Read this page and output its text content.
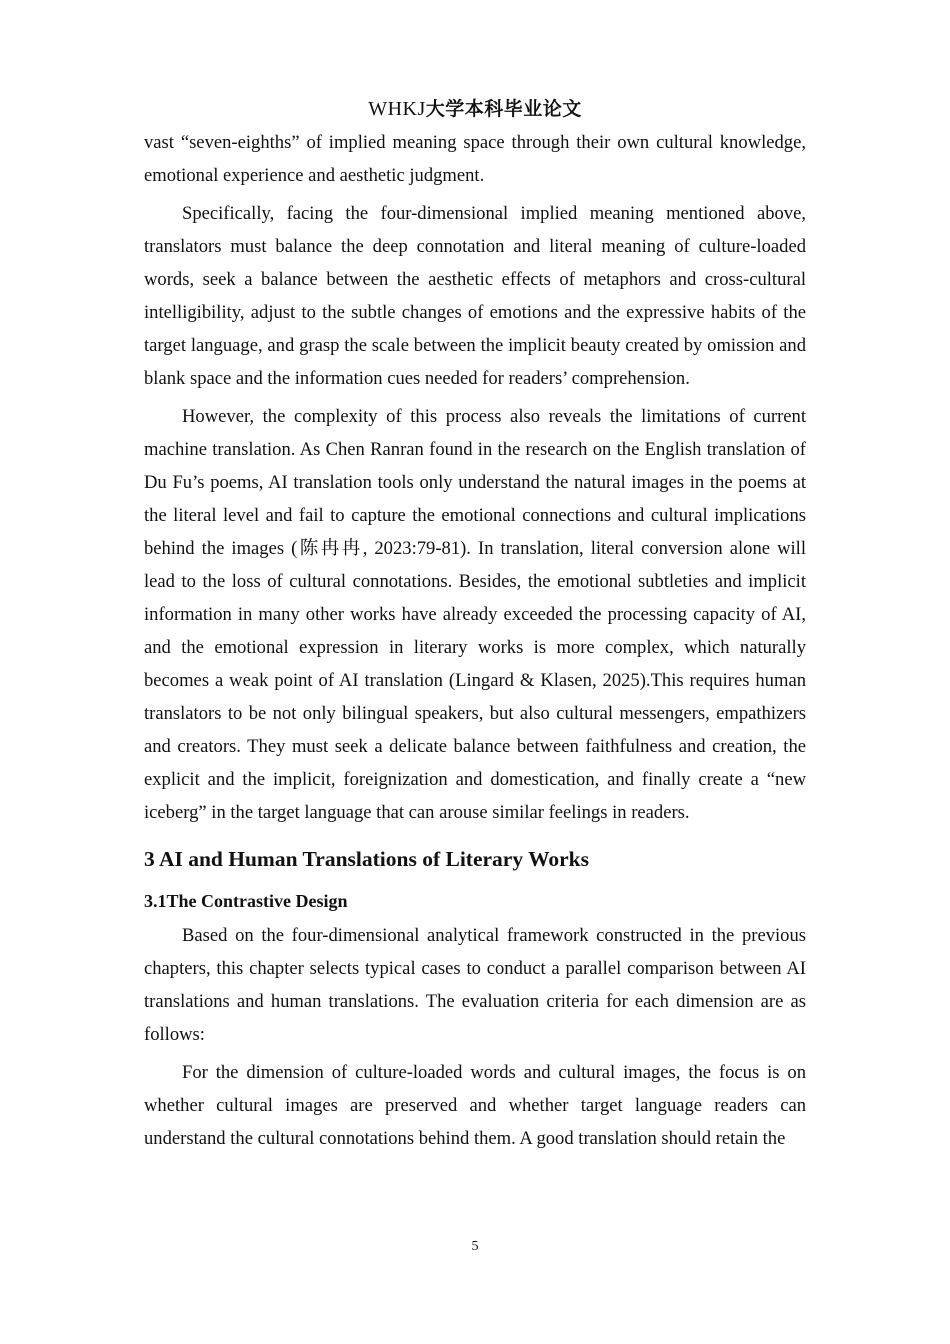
WHKJ大学本科毕业论文

vast “seven-eighths” of implied meaning space through their own cultural knowledge, emotional experience and aesthetic judgment.

Specifically, facing the four-dimensional implied meaning mentioned above, translators must balance the deep connotation and literal meaning of culture-loaded words, seek a balance between the aesthetic effects of metaphors and cross-cultural intelligibility, adjust to the subtle changes of emotions and the expressive habits of the target language, and grasp the scale between the implicit beauty created by omission and blank space and the information cues needed for readers’ comprehension.

However, the complexity of this process also reveals the limitations of current machine translation. As Chen Ranran found in the research on the English translation of Du Fu’s poems, AI translation tools only understand the natural images in the poems at the literal level and fail to capture the emotional connections and cultural implications behind the images (陈冉冉, 2023:79-81). In translation, literal conversion alone will lead to the loss of cultural connotations. Besides, the emotional subtleties and implicit information in many other works have already exceeded the processing capacity of AI, and the emotional expression in literary works is more complex, which naturally becomes a weak point of AI translation (Lingard & Klasen, 2025).This requires human translators to be not only bilingual speakers, but also cultural messengers, empathizers and creators. They must seek a delicate balance between faithfulness and creation, the explicit and the implicit, foreignization and domestication, and finally create a “new iceberg” in the target language that can arouse similar feelings in readers.

3 AI and Human Translations of Literary Works
3.1The Contrastive Design

Based on the four-dimensional analytical framework constructed in the previous chapters, this chapter selects typical cases to conduct a parallel comparison between AI translations and human translations. The evaluation criteria for each dimension are as follows:

For the dimension of culture-loaded words and cultural images, the focus is on whether cultural images are preserved and whether target language readers can understand the cultural connotations behind them. A good translation should retain the

5
